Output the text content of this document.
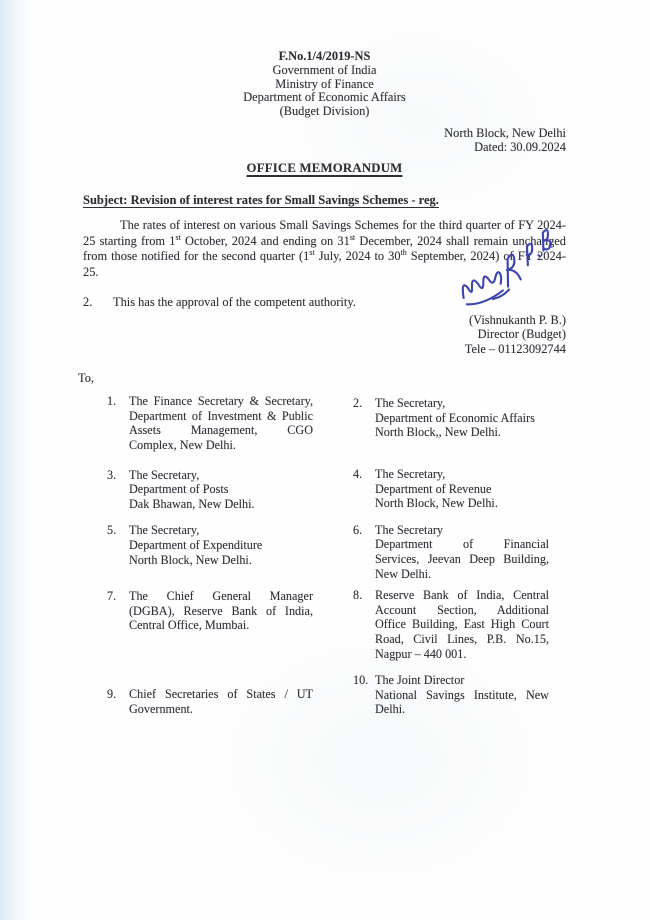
F.No.1/4/2019-NS
Government of India
Ministry of Finance
Department of Economic Affairs
(Budget Division)
North Block, New Delhi
Dated: 30.09.2024
OFFICE MEMORANDUM
Subject: Revision of interest rates for Small Savings Schemes - reg.
The rates of interest on various Small Savings Schemes for the third quarter of FY 2024-25 starting from 1st October, 2024 and ending on 31st December, 2024 shall remain unchanged from those notified for the second quarter (1st July, 2024 to 30th September, 2024) of FY 2024-25.
2.	This has the approval of the competent authority.
(Vishnukanth P. B.)
Director (Budget)
Tele – 01123092744
To,
1.	The Finance Secretary & Secretary,
Department of Investment & Public
Assets Management, CGO
Complex, New Delhi.
3.	The Secretary,
Department of Posts
Dak Bhawan, New Delhi.
5.	The Secretary,
Department of Expenditure
North Block, New Delhi.
7.	The Chief General Manager
(DGBA), Reserve Bank of India,
Central Office, Mumbai.
9.	Chief Secretaries of States / UT
Government.
2.	The Secretary,
Department of Economic Affairs
North Block,, New Delhi.
4.	The Secretary,
Department of Revenue
North Block, New Delhi.
6.	The Secretary
Department of Financial
Services, Jeevan Deep Building,
New Delhi.
8.	Reserve Bank of India, Central
Account Section, Additional
Office Building, East High Court
Road, Civil Lines, P.B. No.15,
Nagpur – 440 001.
10. The Joint Director
National Savings Institute, New
Delhi.
